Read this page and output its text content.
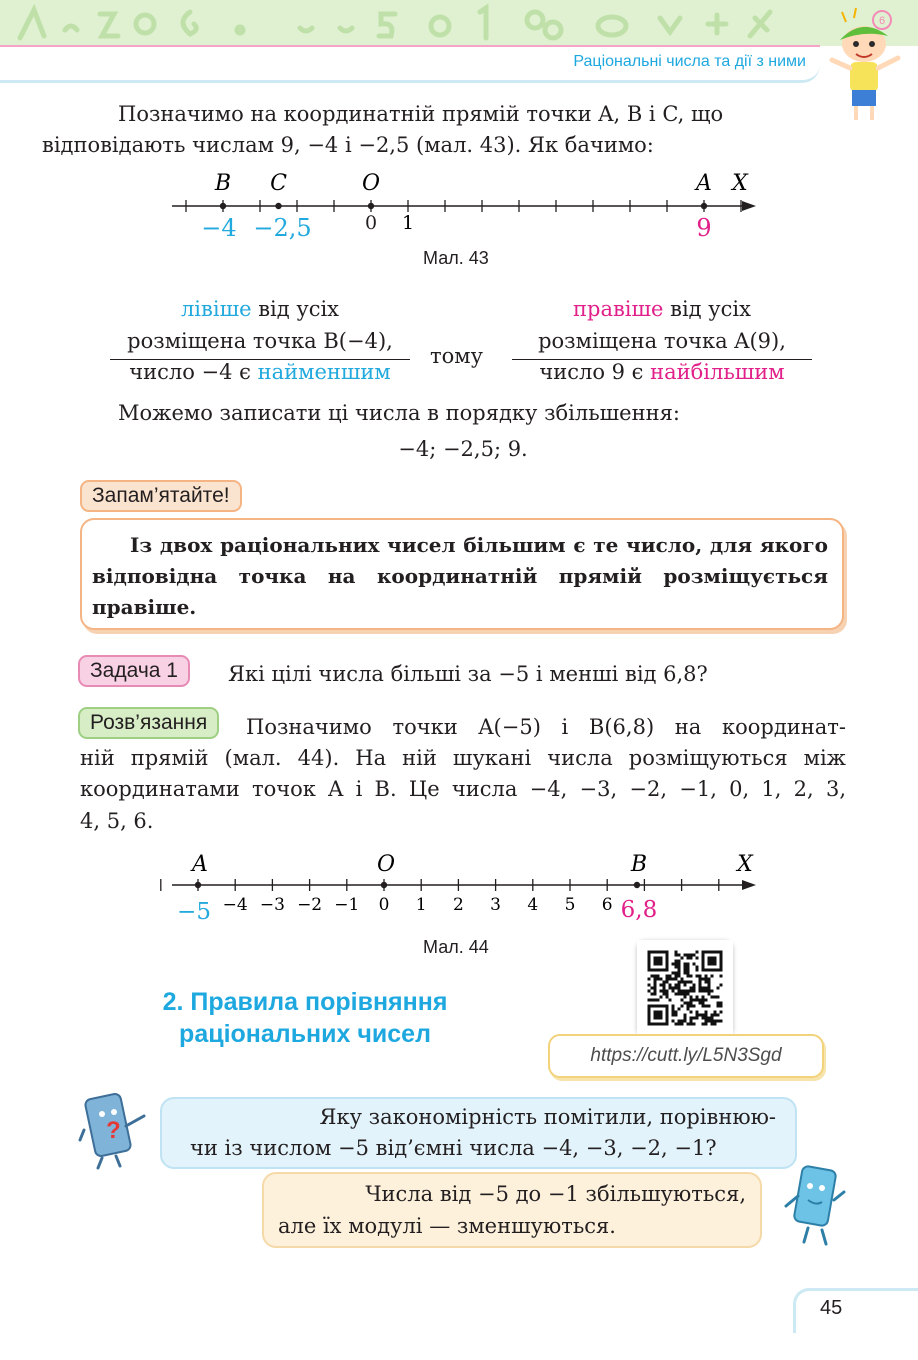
Раціональні числа та дії з ними
6
Позначимо на координатній прямій точки A, B і C, що
відповідають числам 9, −4 і −2,5 (мал. 43). Як бачимо:
X
B
−4
C
−2,5
O
0
A
9
1
Мал. 43
лівіше від усіх
розміщена точка B(−4),
число −4 є найменшим
тому
правіше від усіх
розміщена точка A(9),
число 9 є найбільшим
Можемо записати ці числа в порядку збільшення:
−4; −2,5; 9.
Запам’ятайте!
Із двох раціональних чисел більшим є те число, для якого відповідна точка на координатній прямій розміщується правіше.
Задача 1	Які цілі числа більші за −5 і менші від 6,8?
Розв’язання	Позначимо точки A(−5) і B(6,8) на координат-
ній прямій (мал. 44). На ній шукані числа розміщуються між
координатами точок A і B. Це числа −4, −3, −2, −1, 0, 1, 2, 3,
4, 5, 6.
X
A	O	B
−4 −3 −2 −1 0 1 2 3 4 5 6
−5	6,8
Мал. 44
2. Правила порівняння
раціональних чисел
https://cutt.ly/L5N3Sgd
?	Яку закономірність помітили, порівнюю-
чи із числом −5 від’ємні числа −4, −3, −2, −1?
Числа від −5 до −1 збільшуються,
але їх модулі — зменшуються.
45
